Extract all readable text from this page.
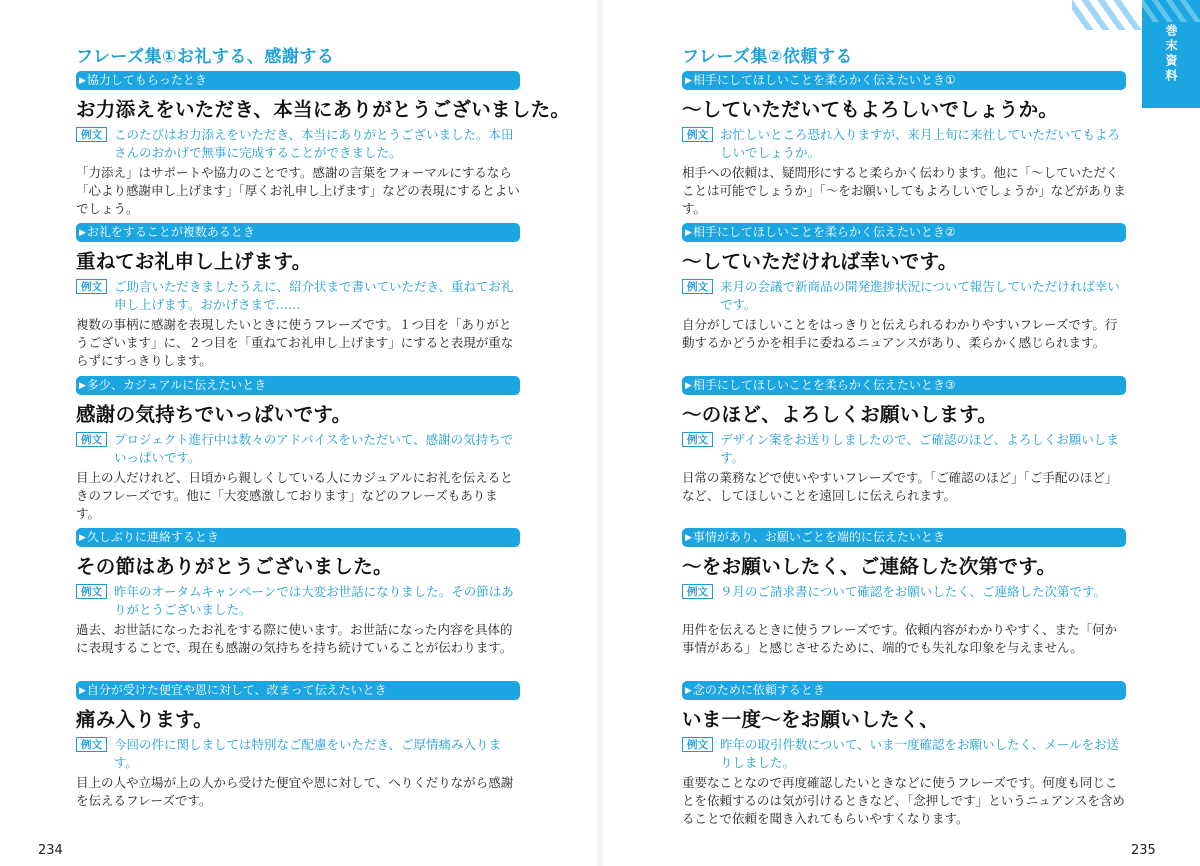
フレーズ集①お礼する、感謝する
▶協力してもらったとき
お力添えをいただき、本当にありがとうございました。
例文 このたびはお力添えをいただき、本当にありがとうございました。本田さんのおかげで無事に完成することができました。
「力添え」はサポートや協力のことです。感謝の言葉をフォーマルにするなら「心より感謝申し上げます」「厚くお礼申し上げます」などの表現にするとよいでしょう。
▶お礼をすることが複数あるとき
重ねてお礼申し上げます。
例文 ご助言いただきましたうえに、紹介状まで書いていただき、重ねてお礼申し上げます。おかげさまで……
複数の事柄に感謝を表現したいときに使うフレーズです。１つ目を「ありがとうございます」に、２つ目を「重ねてお礼申し上げます」にすると表現が重ならずにすっきりします。
▶多少、カジュアルに伝えたいとき
感謝の気持ちでいっぱいです。
例文 プロジェクト進行中は数々のアドバイスをいただいて、感謝の気持ちでいっぱいです。
目上の人だけれど、日頃から親しくしている人にカジュアルにお礼を伝えるときのフレーズです。他に「大変感激しております」などのフレーズもあります。
▶久しぶりに連絡するとき
その節はありがとうございました。
例文 昨年のオータムキャンペーンでは大変お世話になりました。その節はありがとうございました。
過去、お世話になったお礼をする際に使います。お世話になった内容を具体的に表現することで、現在も感謝の気持ちを持ち続けていることが伝わります。
▶自分が受けた便宜や恩に対して、改まって伝えたいとき
痛み入ります。
例文 今回の件に関しましては特別なご配慮をいただき、ご厚情痛み入ります。
目上の人や立場が上の人から受けた便宜や恩に対して、へりくだりながら感謝を伝えるフレーズです。
234
フレーズ集②依頼する
▶相手にしてほしいことを柔らかく伝えたいとき①
～していただいてもよろしいでしょうか。
例文 お忙しいところ恐れ入りますが、来月上旬に来社していただいてもよろしいでしょうか。
相手への依頼は、疑問形にすると柔らかく伝わります。他に「～していただくことは可能でしょうか」「～をお願いしてもよろしいでしょうか」などがあります。
▶相手にしてほしいことを柔らかく伝えたいとき②
～していただければ幸いです。
例文 来月の会議で新商品の開発進捗状況について報告していただければ幸いです。
自分がしてほしいことをはっきりと伝えられるわかりやすいフレーズです。行動するかどうかを相手に委ねるニュアンスがあり、柔らかく感じられます。
▶相手にしてほしいことを柔らかく伝えたいとき③
～のほど、よろしくお願いします。
例文 デザイン案をお送りしましたので、ご確認のほど、よろしくお願いします。
日常の業務などで使いやすいフレーズです。「ご確認のほど」「ご手配のほど」など、してほしいことを遠回しに伝えられます。
▶事情があり、お願いごとを端的に伝えたいとき
～をお願いしたく、ご連絡した次第です。
例文 ９月のご請求書について確認をお願いしたく、ご連絡した次第です。
用件を伝えるときに使うフレーズです。依頼内容がわかりやすく、また「何か事情がある」と感じさせるために、端的でも失礼な印象を与えません。
▶念のために依頼するとき
いま一度～をお願いしたく、
例文 昨年の取引件数について、いま一度確認をお願いしたく、メールをお送りしました。
重要なことなので再度確認したいときなどに使うフレーズです。何度も同じことを依頼するのは気が引けるときなど、「念押しです」というニュアンスを含めることで依頼を聞き入れてもらいやすくなります。
235
巻末資料
